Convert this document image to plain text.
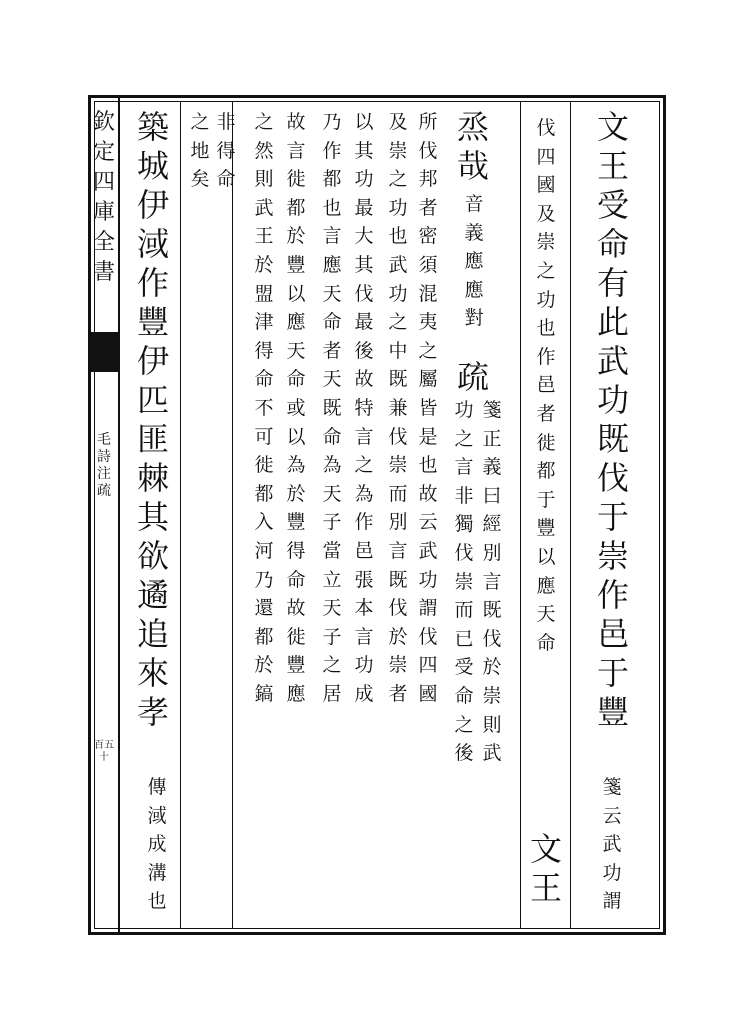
欽
定
四
庫
全
書
毛
詩
注
疏
百五十
文
王
受
命
有
此
武
功
既
伐
于
崇
作
邑
于
豐
箋
云
武
功
謂
伐
四
國
及
崇
之
功
也
作
邑
者
徙
都
于
豐
以
應
天
命
文
王
烝
哉
音
義
應
應
對
疏
箋
正
義
曰
經
別
言
既
伐
於
崇
則
武
功
之
言
非
獨
伐
崇
而
已
受
命
之
後
所
伐
邦
者
密
須
混
夷
之
屬
皆
是
也
故
云
武
功
謂
伐
四
國
及
崇
之
功
也
武
功
之
中
既
兼
伐
崇
而
別
言
既
伐
於
崇
者
以
其
功
最
大
其
伐
最
後
故
特
言
之
為
作
邑
張
本
言
功
成
乃
作
都
也
言
應
天
命
者
天
既
命
為
天
子
當
立
天
子
之
居
故
言
徙
都
於
豐
以
應
天
命
或
以
為
於
豐
得
命
故
徙
豐
應
之
然
則
武
王
於
盟
津
得
命
不
可
徙
都
入
河
乃
還
都
於
鎬
非
得
命
之
地
矣
築
城
伊
淢
作
豐
伊
匹
匪
棘
其
欲
遹
追
來
孝
傳
淢
成
溝
也
